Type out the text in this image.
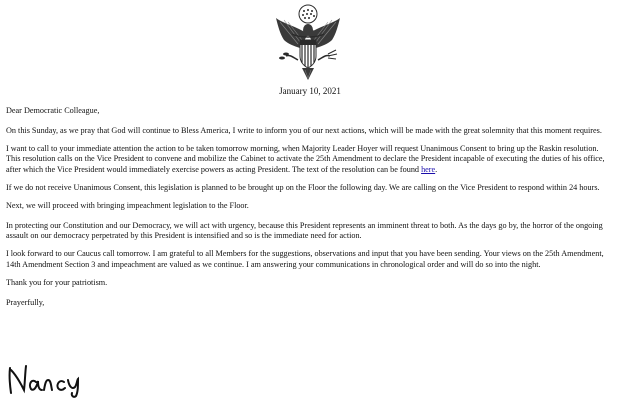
January 10, 2021

Dear Democratic Colleague,

On this Sunday, as we pray that God will continue to Bless America, I write to inform you of our next actions, which will be made with the great solemnity that this moment requires.

I want to call to your immediate attention the action to be taken tomorrow morning, when Majority Leader Hoyer will request Unanimous Consent to bring up the Raskin resolution. This resolution calls on the Vice President to convene and mobilize the Cabinet to activate the 25th Amendment to declare the President incapable of executing the duties of his office, after which the Vice President would immediately exercise powers as acting President. The text of the resolution can be found here.

If we do not receive Unanimous Consent, this legislation is planned to be brought up on the Floor the following day. We are calling on the Vice President to respond within 24 hours.

Next, we will proceed with bringing impeachment legislation to the Floor.

In protecting our Constitution and our Democracy, we will act with urgency, because this President represents an imminent threat to both. As the days go by, the horror of the ongoing assault on our democracy perpetrated by this President is intensified and so is the immediate need for action.

I look forward to our Caucus call tomorrow. I am grateful to all Members for the suggestions, observations and input that you have been sending. Your views on the 25th Amendment, 14th Amendment Section 3 and impeachment are valued as we continue. I am answering your communications in chronological order and will do so into the night.

Thank you for your patriotism.

Prayerfully,
